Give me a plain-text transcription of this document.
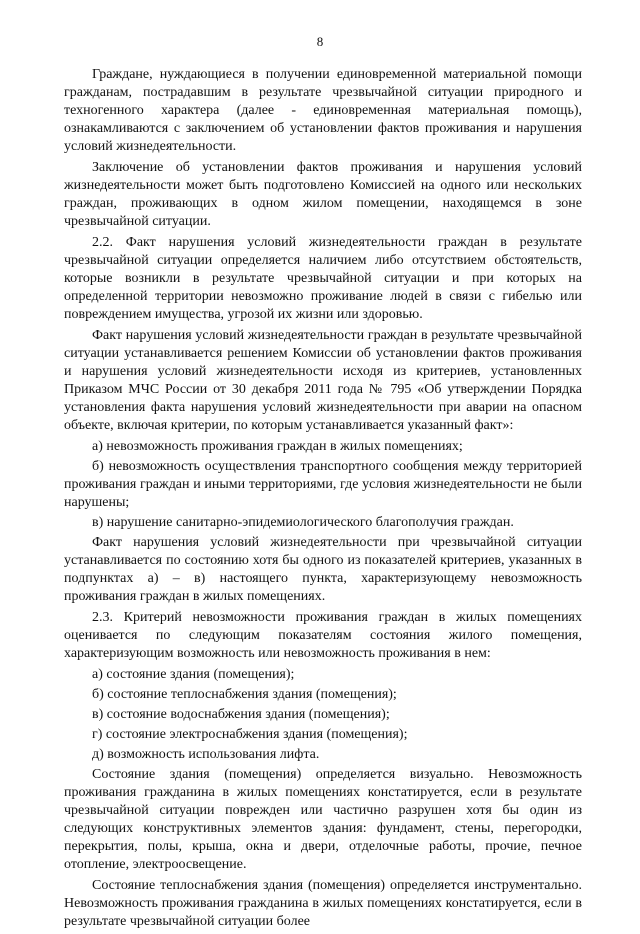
8

Граждане, нуждающиеся в получении единовременной материальной помощи гражданам, пострадавшим в результате чрезвычайной ситуации природного и техногенного характера (далее - единовременная материальная помощь), ознакамливаются с заключением об установлении фактов проживания и нарушения условий жизнедеятельности.

Заключение об установлении фактов проживания и нарушения условий жизнедеятельности может быть подготовлено Комиссией на одного или нескольких граждан, проживающих в одном жилом помещении, находящемся в зоне чрезвычайной ситуации.

2.2. Факт нарушения условий жизнедеятельности граждан в результате чрезвычайной ситуации определяется наличием либо отсутствием обстоятельств, которые возникли в результате чрезвычайной ситуации и при которых на определенной территории невозможно проживание людей в связи с гибелью или повреждением имущества, угрозой их жизни или здоровью.

Факт нарушения условий жизнедеятельности граждан в результате чрезвычайной ситуации устанавливается решением Комиссии об установлении фактов проживания и нарушения условий жизнедеятельности исходя из критериев, установленных Приказом МЧС России от 30 декабря 2011 года № 795 «Об утверждении Порядка установления факта нарушения условий жизнедеятельности при аварии на опасном объекте, включая критерии, по которым устанавливается указанный факт»:

а) невозможность проживания граждан в жилых помещениях;

б) невозможность осуществления транспортного сообщения между территорией проживания граждан и иными территориями, где условия жизнедеятельности не были нарушены;

в) нарушение санитарно-эпидемиологического благополучия граждан.

Факт нарушения условий жизнедеятельности при чрезвычайной ситуации устанавливается по состоянию хотя бы одного из показателей критериев, указанных в подпунктах а) – в) настоящего пункта, характеризующему невозможность проживания граждан в жилых помещениях.

2.3. Критерий невозможности проживания граждан в жилых помещениях оценивается по следующим показателям состояния жилого помещения, характеризующим возможность или невозможность проживания в нем:

а) состояние здания (помещения);

б) состояние теплоснабжения здания (помещения);

в) состояние водоснабжения здания (помещения);

г) состояние электроснабжения здания (помещения);

д) возможность использования лифта.

Состояние здания (помещения) определяется визуально. Невозможность проживания гражданина в жилых помещениях констатируется, если в результате чрезвычайной ситуации поврежден или частично разрушен хотя бы один из следующих конструктивных элементов здания: фундамент, стены, перегородки, перекрытия, полы, крыша, окна и двери, отделочные работы, прочие, печное отопление, электроосвещение.

Состояние теплоснабжения здания (помещения) определяется инструментально. Невозможность проживания гражданина в жилых помещениях констатируется, если в результате чрезвычайной ситуации более
